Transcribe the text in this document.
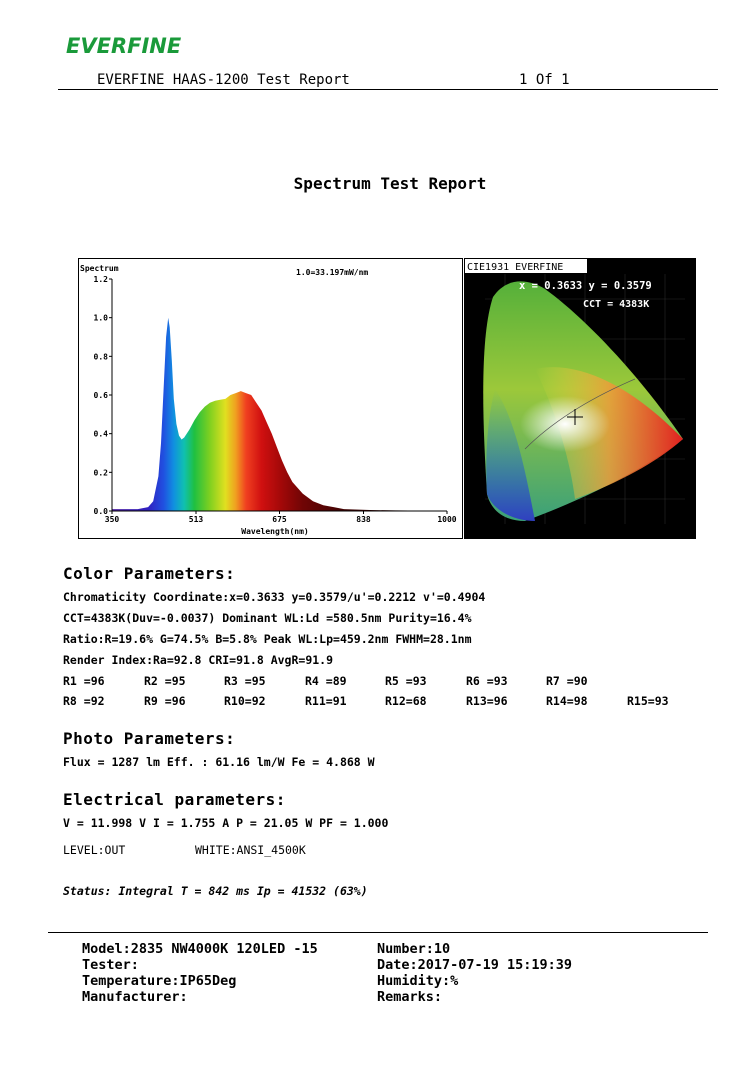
EVERFINE
EVERFINE HAAS-1200 Test Report	1 Of 1
Spectrum Test Report
Spectrum	1.0=33.197mW/nm
Wavelength(nm)
0.0
0.2
0.4
0.6
0.8
1.0
1.2
350	513	675	838	1000
CIE1931 EVERFINE
x = 0.3633 y = 0.3579
CCT = 4383K
Color Parameters:
Chromaticity Coordinate:x=0.3633 y=0.3579/u'=0.2212 v'=0.4904
CCT=4383K(Duv=-0.0037) Dominant WL:Ld =580.5nm Purity=16.4%
Ratio:R=19.6% G=74.5% B=5.8% Peak WL:Lp=459.2nm FWHM=28.1nm
Render Index:Ra=92.8 CRI=91.8 AvgR=91.9
R1 =96	R2 =95	R3 =95	R4 =89	R5 =93	R6 =93	R7 =90
R8 =92	R9 =96	R10=92	R11=91	R12=68	R13=96	R14=98	R15=93
Photo Parameters:
Flux = 1287 lm Eff. : 61.16 lm/W Fe = 4.868 W
Electrical parameters:
V = 11.998 V I = 1.755 A P = 21.05 W PF = 1.000
LEVEL:OUT	WHITE:ANSI_4500K
Status: Integral T = 842 ms Ip = 41532 (63%)
Model:2835 NW4000K 120LED -15	Number:10
Tester:	Date:2017-07-19 15:19:39
Temperature:IP65Deg	Humidity:%
Manufacturer:	Remarks:
